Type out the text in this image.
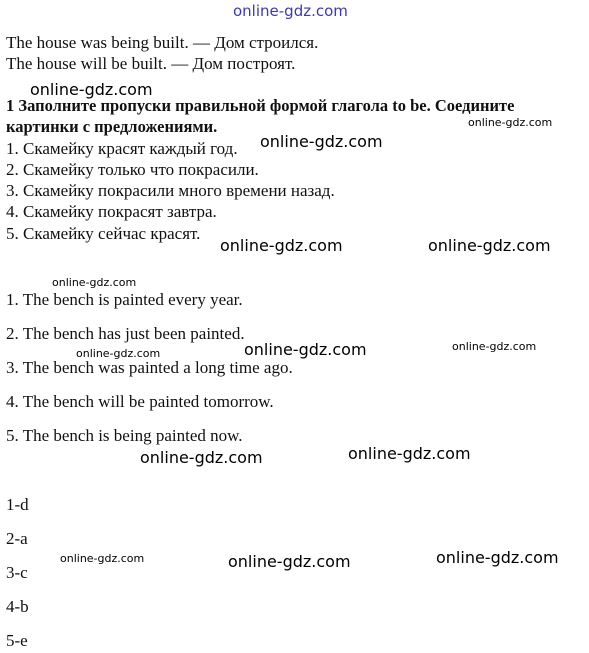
online-gdz.com
The house was being built. — Дом строился.
The house will be built. — Дом построят.
online-gdz.com
1 Заполните пропуски правильной формой глагола to be. Соедините
картинки с предложениями.	online-gdz.com
1. Скамейку красят каждый год. online-gdz.com
2. Скамейку только что покрасили.
3. Скамейку покрасили много времени назад.
4. Скамейку покрасят завтра.
5. Скамейку сейчас красят.
online-gdz.com	online-gdz.com
online-gdz.com
1. The bench is painted every year.
2. The bench has just been painted.
online-gdz.com	online-gdz.com
online-gdz.com
3. The bench was painted a long time ago.
4. The bench will be painted tomorrow.
5. The bench is being painted now.
online-gdz.com
online-gdz.com
1-d
2-a
online-gdz.com	online-gdz.com	online-gdz.com
3-c
4-b
5-e
